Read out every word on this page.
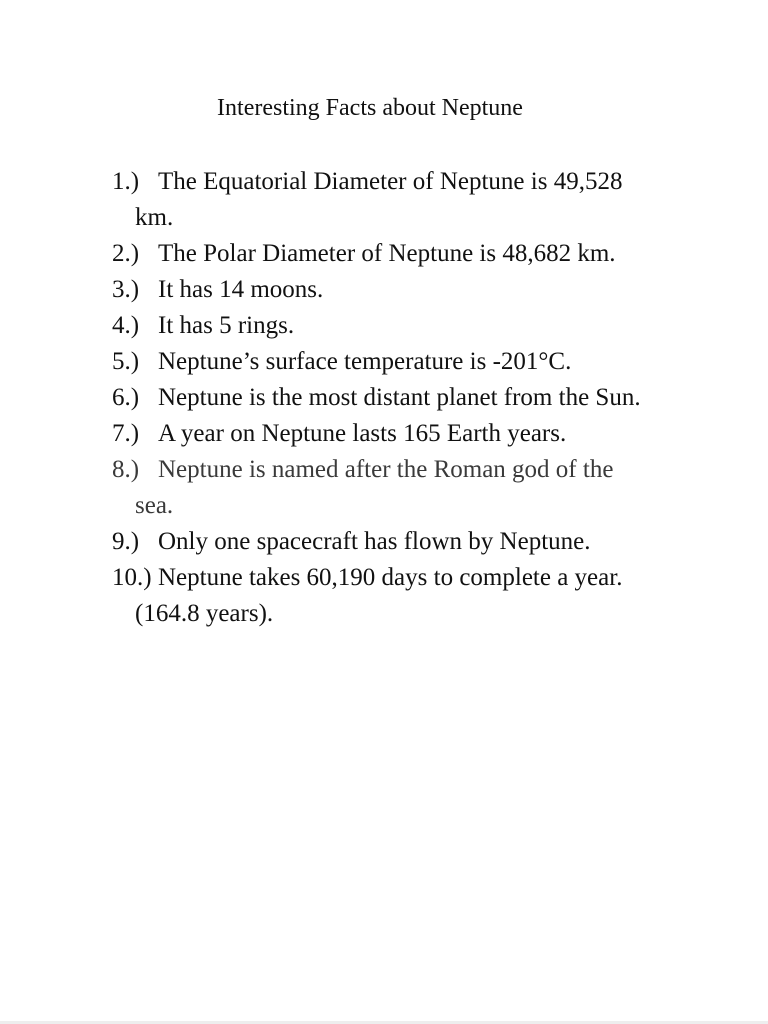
Interesting Facts about Neptune
1.) The Equatorial Diameter of Neptune is 49,528
km.
2.) The Polar Diameter of Neptune is 48,682 km.
3.) It has 14 moons.
4.) It has 5 rings.
5.) Neptune’s surface temperature is -201°C.
6.) Neptune is the most distant planet from the Sun.
7.) A year on Neptune lasts 165 Earth years.
8.) Neptune is named after the Roman god of the
sea.
9.) Only one spacecraft has flown by Neptune.
10.) Neptune takes 60,190 days to complete a year.
(164.8 years).
